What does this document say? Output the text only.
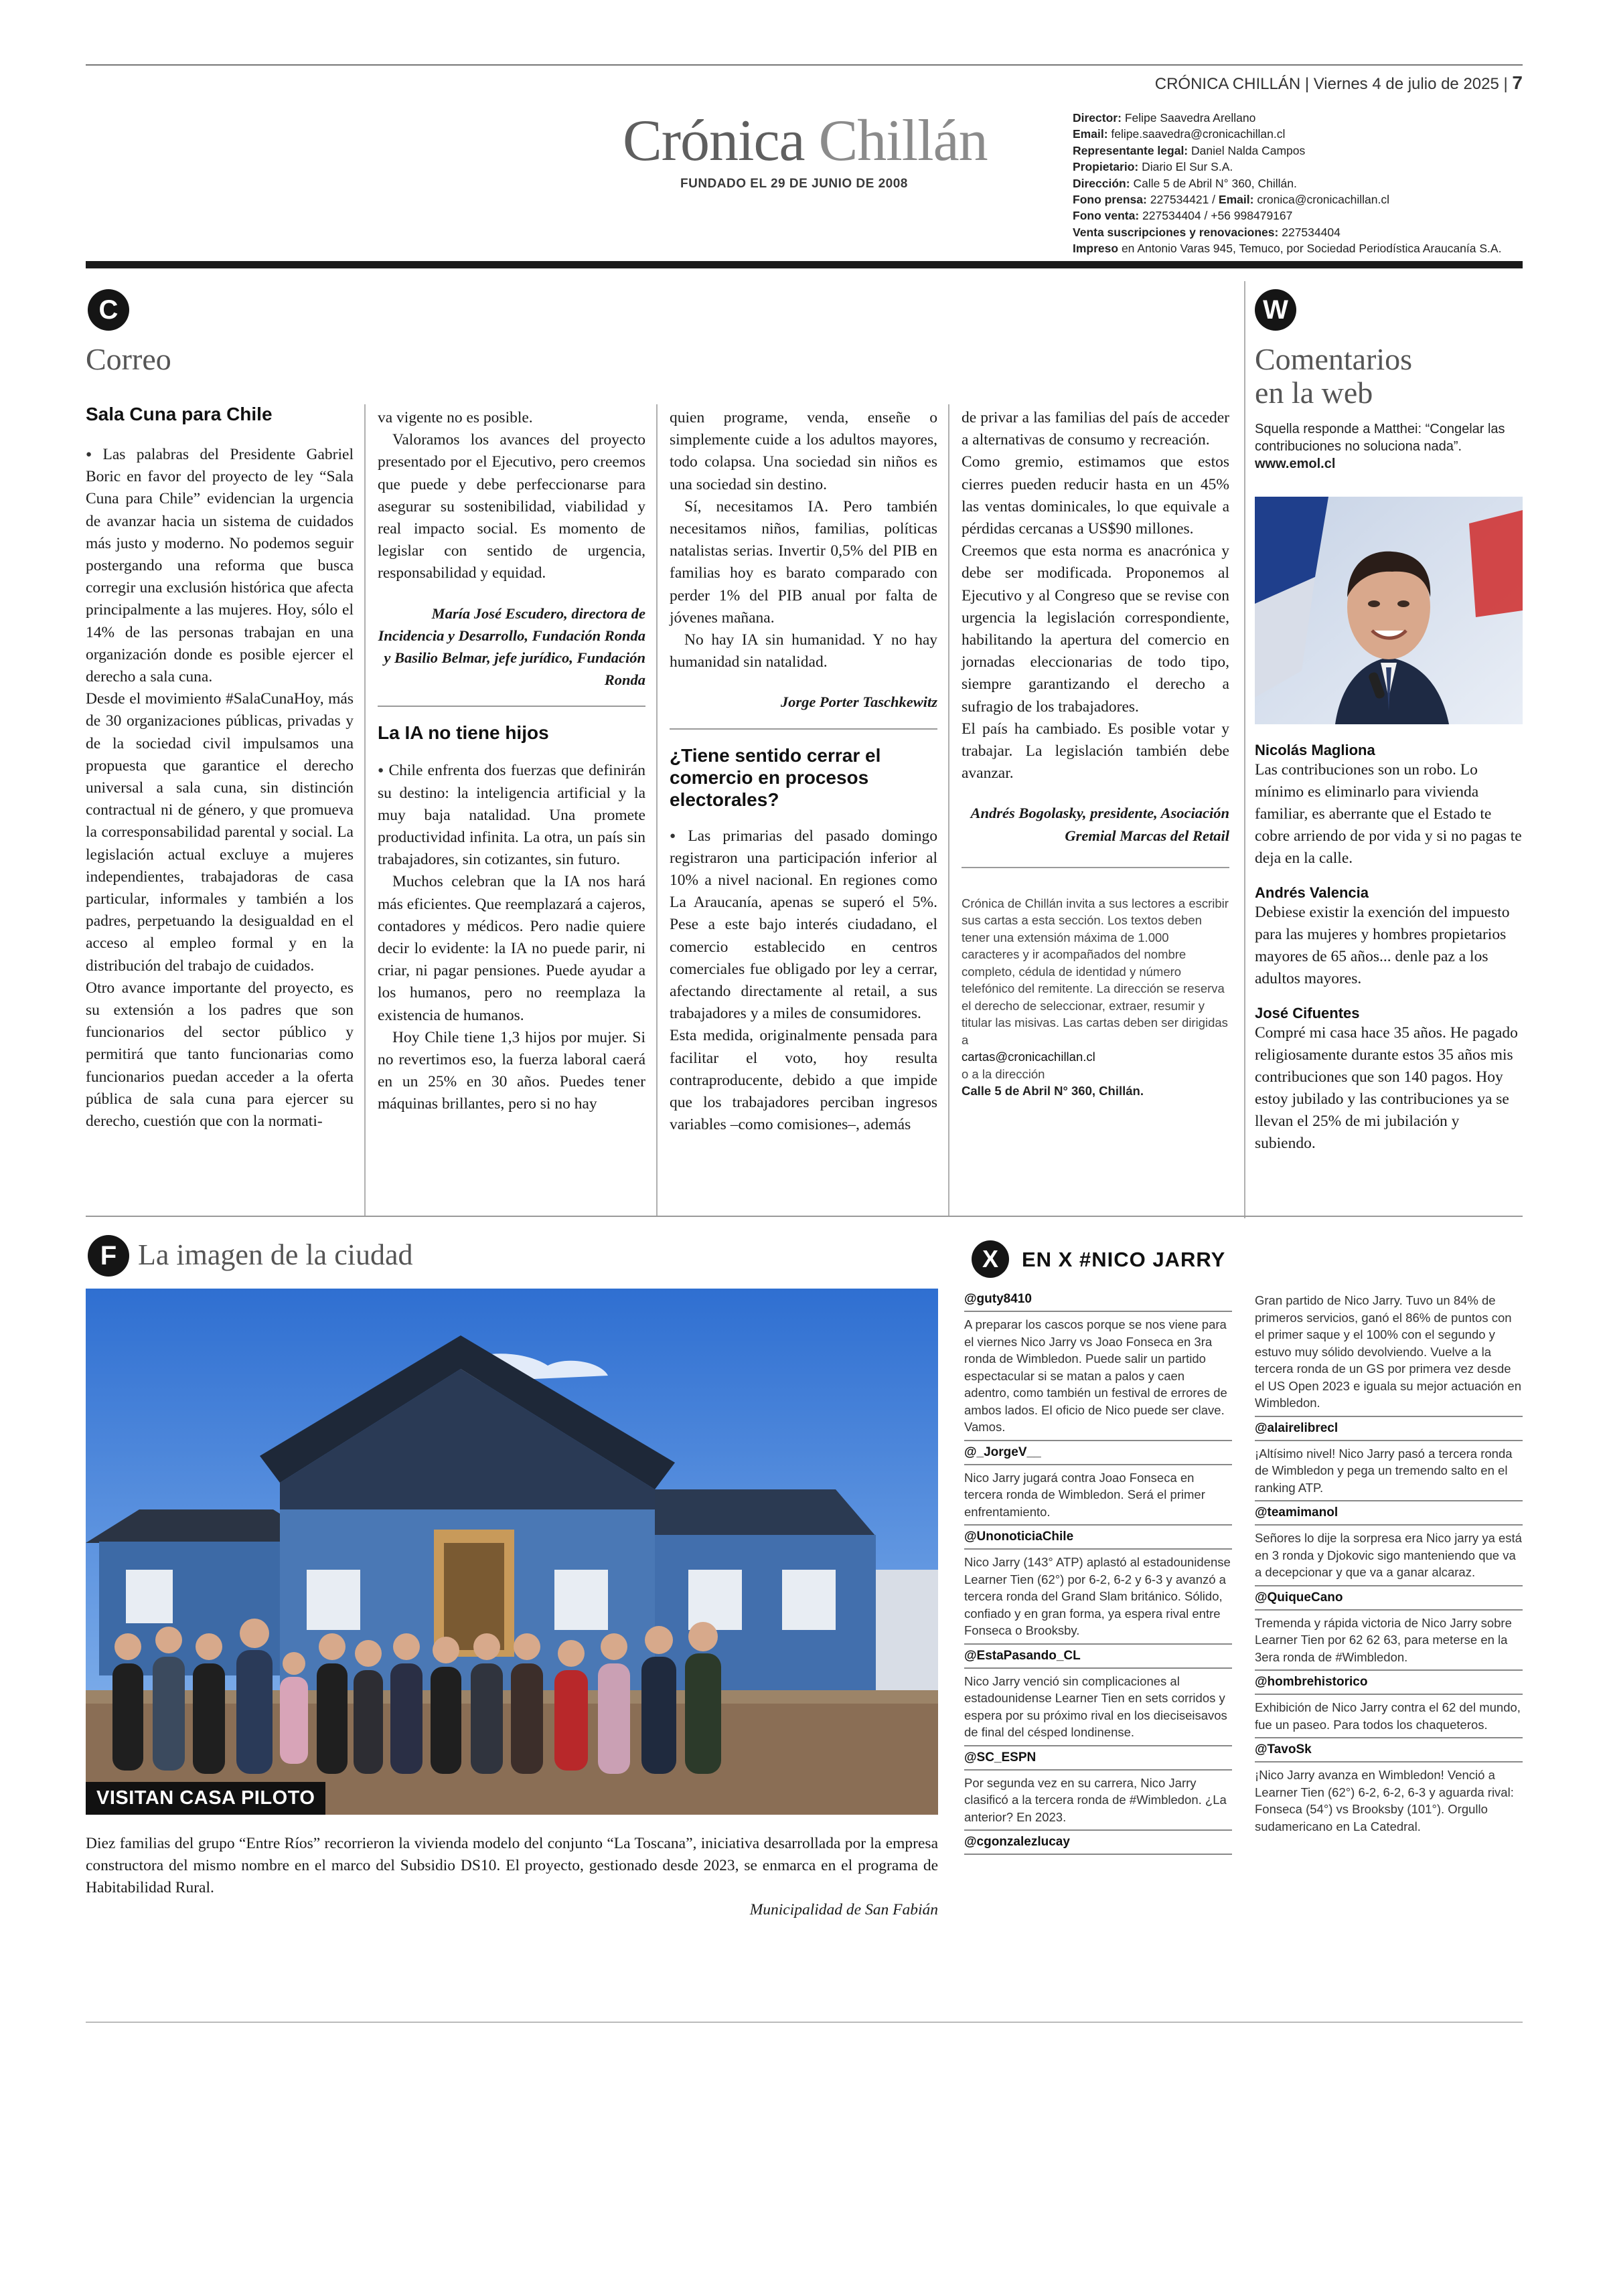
CRÓNICA CHILLÁN | Viernes 4 de julio de 2025 | 7
Crónica Chillán
FUNDADO EL 29 DE JUNIO DE 2008
Director: Felipe Saavedra Arellano
Email: felipe.saavedra@cronicachillan.cl
Representante legal: Daniel Nalda Campos
Propietario: Diario El Sur S.A.
Dirección: Calle 5 de Abril N° 360, Chillán.
Fono prensa: 227534421 / Email: cronica@cronicachillan.cl
Fono venta: 227534404 / +56 998479167
Venta suscripciones y renovaciones: 227534404
Impreso en Antonio Varas 945, Temuco, por Sociedad Periodística Araucanía S.A.
C
Correo
Sala Cuna para Chile

● Las palabras del Presidente Gabriel Boric en favor del proyecto de ley “Sala Cuna para Chile” evidencian la urgencia de avanzar hacia un sistema de cuidados más justo y moderno. No podemos seguir postergando una reforma que busca corregir una exclusión histórica que afecta principalmente a las mujeres. Hoy, sólo el 14% de las personas trabajan en una organización donde es posible ejercer el derecho a sala cuna.

Desde el movimiento #SalaCunaHoy, más de 30 organizaciones públicas, privadas y de la sociedad civil impulsamos una propuesta que garantice el derecho universal a sala cuna, sin distinción contractual ni de género, y que promueva la corresponsabilidad parental y social. La legislación actual excluye a mujeres independientes, trabajadoras de casa particular, informales y también a los padres, perpetuando la desigualdad en el acceso al empleo formal y en la distribución del trabajo de cuidados.

Otro avance importante del proyecto, es su extensión a los padres que son funcionarios del sector público y permitirá que tanto funcionarias como funcionarios puedan acceder a la oferta pública de sala cuna para ejercer su derecho, cuestión que con la normati-

va vigente no es posible.

Valoramos los avances del proyecto presentado por el Ejecutivo, pero creemos que puede y debe perfeccionarse para asegurar su sostenibilidad, viabilidad y real impacto social. Es momento de legislar con sentido de urgencia, responsabilidad y equidad.

María José Escudero, directora de Incidencia y Desarrollo, Fundación Ronda y Basilio Belmar, jefe jurídico, Fundación Ronda

La IA no tiene hijos

● Chile enfrenta dos fuerzas que definirán su destino: la inteligencia artificial y la muy baja natalidad. Una promete productividad infinita. La otra, un país sin trabajadores, sin cotizantes, sin futuro.

Muchos celebran que la IA nos hará más eficientes. Que reemplazará a cajeros, contadores y médicos. Pero nadie quiere decir lo evidente: la IA no puede parir, ni criar, ni pagar pensiones. Puede ayudar a los humanos, pero no reemplaza la existencia de humanos.

Hoy Chile tiene 1,3 hijos por mujer. Si no revertimos eso, la fuerza laboral caerá en un 25% en 30 años. Puedes tener máquinas brillantes, pero si no hay

quien programe, venda, enseñe o simplemente cuide a los adultos mayores, todo colapsa. Una sociedad sin niños es una sociedad sin destino.

Sí, necesitamos IA. Pero también necesitamos niños, familias, políticas natalistas serias. Invertir 0,5% del PIB en familias hoy es barato comparado con perder 1% del PIB anual por falta de jóvenes mañana.

No hay IA sin humanidad. Y no hay humanidad sin natalidad.

Jorge Porter Taschkewitz

¿Tiene sentido cerrar el comercio en procesos electorales?

● Las primarias del pasado domingo registraron una participación inferior al 10% a nivel nacional. En regiones como La Araucanía, apenas se superó el 5%. Pese a este bajo interés ciudadano, el comercio establecido en centros comerciales fue obligado por ley a cerrar, afectando directamente al retail, a sus trabajadores y a miles de consumidores.

Esta medida, originalmente pensada para facilitar el voto, hoy resulta contraproducente, debido a que impide que los trabajadores perciban ingresos variables –como comisiones–, además

de privar a las familias del país de acceder a alternativas de consumo y recreación.

Como gremio, estimamos que estos cierres pueden reducir hasta en un 45% las ventas dominicales, lo que equivale a pérdidas cercanas a US$90 millones.

Creemos que esta norma es anacrónica y debe ser modificada. Proponemos al Ejecutivo y al Congreso que se revise con urgencia la legislación correspondiente, habilitando la apertura del comercio en jornadas eleccionarias de todo tipo, siempre garantizando el derecho a sufragio de los trabajadores.

El país ha cambiado. Es posible votar y trabajar. La legislación también debe avanzar.

Andrés Bogolasky, presidente, Asociación Gremial Marcas del Retail

Crónica de Chillán invita a sus lectores a escribir sus cartas a esta sección. Los textos deben tener una extensión máxima de 1.000 caracteres y ir acompañados del nombre completo, cédula de identidad y número telefónico del remitente. La dirección se reserva el derecho de seleccionar, extraer, resumir y titular las misivas. Las cartas deben ser dirigidas a
cartas@cronicachillan.cl
o a la dirección
Calle 5 de Abril N° 360, Chillán.
W
Comentarios
en la web
Squella responde a Matthei: “Congelar las contribuciones no soluciona nada”.
www.emol.cl
Nicolás Magliona
Las contribuciones son un robo. Lo mínimo es eliminarlo para vivienda familiar, es aberrante que el Estado te cobre arriendo de por vida y si no pagas te deja en la calle.
Andrés Valencia
Debiese existir la exención del impuesto para las mujeres y hombres propietarios mayores de 65 años... denle paz a los adultos mayores.
José Cifuentes
Compré mi casa hace 35 años. He pagado religiosamente durante estos 35 años mis contribuciones que son 140 pagos. Hoy estoy jubilado y las contribuciones ya se llevan el 25% de mi jubilación y subiendo.
F La imagen de la ciudad
VISITAN CASA PILOTO
Diez familias del grupo “Entre Ríos” recorrieron la vivienda modelo del conjunto “La Toscana”, iniciativa desarrollada por la empresa constructora del mismo nombre en el marco del Subsidio DS10. El proyecto, gestionado desde 2023, se enmarca en el programa de Habitabilidad Rural.
Municipalidad de San Fabián
X	EN X #NICO JARRY
@guty8410
A preparar los cascos porque se nos viene para el viernes Nico Jarry vs Joao Fonseca en 3ra ronda de Wimbledon. Puede salir un partido espectacular si se matan a palos y caen adentro, como también un festival de errores de ambos lados. El oficio de Nico puede ser clave. Vamos.
@_JorgeV__
Nico Jarry jugará contra Joao Fonseca en tercera ronda de Wimbledon. Será el primer enfrentamiento.
@UnonoticiaChile
Nico Jarry (143° ATP) aplastó al estadounidense Learner Tien (62°) por 6-2, 6-2 y 6-3 y avanzó a tercera ronda del Grand Slam británico. Sólido, confiado y en gran forma, ya espera rival entre Fonseca o Brooksby.
@EstaPasando_CL
Nico Jarry venció sin complicaciones al estadounidense Learner Tien en sets corridos y espera por su próximo rival en los dieciseisavos de final del césped londinense.
@SC_ESPN
Por segunda vez en su carrera, Nico Jarry clasificó a la tercera ronda de #Wimbledon. ¿La anterior? En 2023.
@cgonzalezlucay
Gran partido de Nico Jarry. Tuvo un 84% de primeros servicios, ganó el 86% de puntos con el primer saque y el 100% con el segundo y estuvo muy sólido devolviendo. Vuelve a la tercera ronda de un GS por primera vez desde el US Open 2023 e iguala su mejor actuación en Wimbledon.
@alairelibrecl
¡Altísimo nivel! Nico Jarry pasó a tercera ronda de Wimbledon y pega un tremendo salto en el ranking ATP.
@teamimanol
Señores lo dije la sorpresa era Nico jarry ya está en 3 ronda y Djokovic sigo manteniendo que va a decepcionar y que va a ganar alcaraz.
@QuiqueCano
Tremenda y rápida victoria de Nico Jarry sobre Learner Tien por 62 62 63, para meterse en la 3era ronda de #Wimbledon.
@hombrehistorico
Exhibición de Nico Jarry contra el 62 del mundo, fue un paseo. Para todos los chaqueteros.
@TavoSk
¡Nico Jarry avanza en Wimbledon! Venció a Learner Tien (62°) 6-2, 6-2, 6-3 y aguarda rival: Fonseca (54°) vs Brooksby (101°). Orgullo sudamericano en La Catedral.
